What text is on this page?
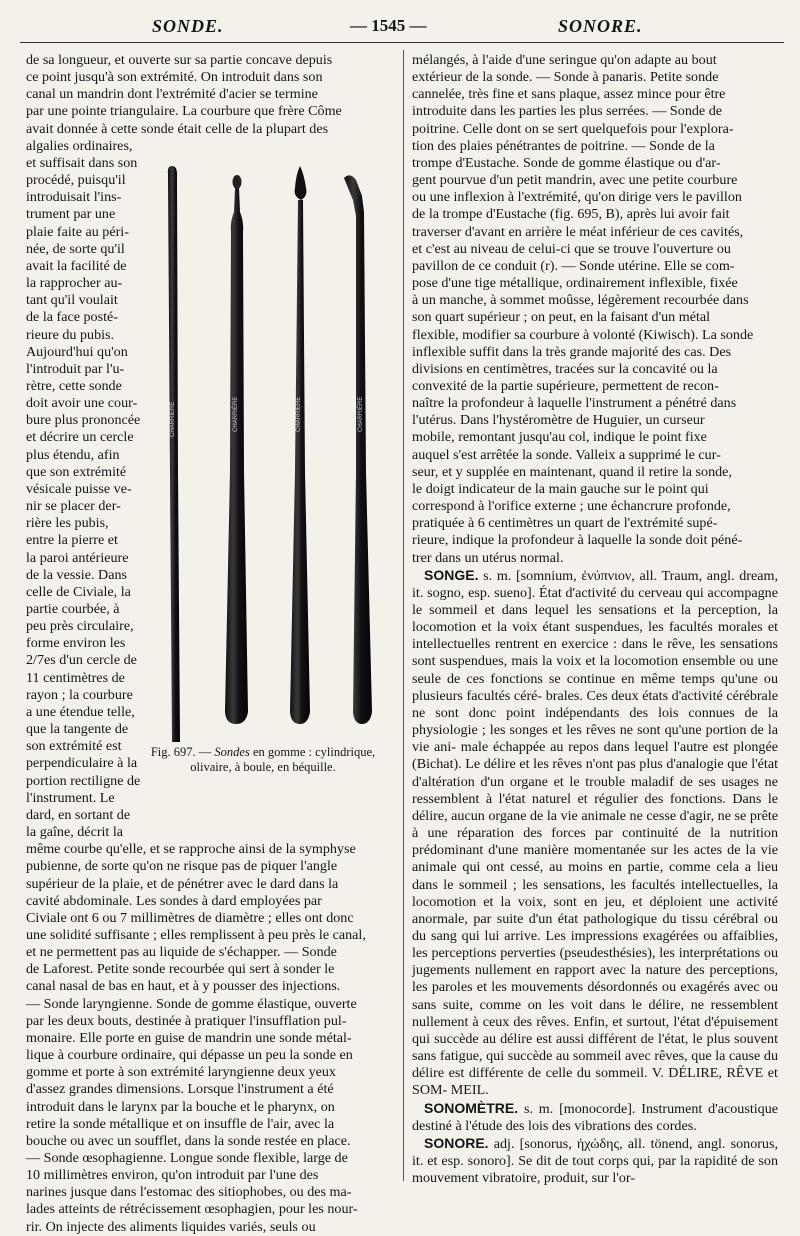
SONDE.	— 1545 —	SONORE.
de sa longueur, et ouverte sur sa partie concave depuis
ce point jusqu'à son extrémité. On introduit dans son
canal un mandrin dont l'extrémité d'acier se termine
par une pointe triangulaire. La courbure que frère Côme
avait donnée à cette sonde était celle de la plupart des
algalies ordinaires,
et suffisait dans son
procédé, puisqu'il
introduisait l'ins-
trument par une
plaie faite au péri-
née, de sorte qu'il
avait la facilité de
la rapprocher au-
tant qu'il voulait
de la face posté-
rieure du pubis.
Aujourd'hui qu'on
l'introduit par l'u-
rètre, cette sonde
doit avoir une cour-
bure plus prononcée
et décrire un cercle
plus étendu, afin
que son extrémité
vésicale puisse ve-
nir se placer der-
rière les pubis,
entre la pierre et
la paroi antérieure
de la vessie. Dans
celle de Civiale, la
partie courbée, à
peu près circulaire,
forme environ les
2/7es d'un cercle de
11 centimètres de
rayon ; la courbure
a une étendue telle,
que la tangente de
son extrémité est
perpendiculaire à la
portion rectiligne de
l'instrument. Le
dard, en sortant de
la gaîne, décrit la
même courbe qu'elle, et se rapproche ainsi de la symphyse
pubienne, de sorte qu'on ne risque pas de piquer l'angle
supérieur de la plaie, et de pénétrer avec le dard dans la
cavité abdominale. Les sondes à dard employées par
Civiale ont 6 ou 7 millimètres de diamètre ; elles ont donc
une solidité suffisante ; elles remplissent à peu près le canal,
et ne permettent pas au liquide de s'échapper. — Sonde
de Laforest. Petite sonde recourbée qui sert à sonder le
canal nasal de bas en haut, et à y pousser des injections.
— Sonde laryngienne. Sonde de gomme élastique, ouverte
par les deux bouts, destinée à pratiquer l'insufflation pul-
monaire. Elle porte en guise de mandrin une sonde métal-
lique à courbure ordinaire, qui dépasse un peu la sonde en
gomme et porte à son extrémité laryngienne deux yeux
d'assez grandes dimensions. Lorsque l'instrument a été
introduit dans le larynx par la bouche et le pharynx, on
retire la sonde métallique et on insuffle de l'air, avec la
bouche ou avec un soufflet, dans la sonde restée en place.
— Sonde œsophagienne. Longue sonde flexible, large de
10 millimètres environ, qu'on introduit par l'une des
narines jusque dans l'estomac des sitiophobes, ou des ma-
lades atteints de rétrécissement œsophagien, pour les nour-
rir. On injecte des aliments liquides variés, seuls ou
CHARRIÈRE	CHARRIÈRE	CHARRIÈRE	CHARRIÈRE
Fig. 697. — Sondes en gomme : cylindrique, olivaire, à boule, en béquille.
mélangés, à l'aide d'une seringue qu'on adapte au bout
extérieur de la sonde. — Sonde à panaris. Petite sonde
cannelée, très fine et sans plaque, assez mince pour être
introduite dans les parties les plus serrées. — Sonde de
poitrine. Celle dont on se sert quelquefois pour l'explora-
tion des plaies pénétrantes de poitrine. — Sonde de la
trompe d'Eustache. Sonde de gomme élastique ou d'ar-
gent pourvue d'un petit mandrin, avec une petite courbure
ou une inflexion à l'extrémité, qu'on dirige vers le pavillon
de la trompe d'Eustache (fig. 695, B), après lui avoir fait
traverser d'avant en arrière le méat inférieur de ces cavités,
et c'est au niveau de celui-ci que se trouve l'ouverture ou
pavillon de ce conduit (r). — Sonde utérine. Elle se com-
pose d'une tige métallique, ordinairement inflexible, fixée
à un manche, à sommet moûsse, légèrement recourbée dans
son quart supérieur ; on peut, en la faisant d'un métal
flexible, modifier sa courbure à volonté (Kiwisch). La sonde
inflexible suffit dans la très grande majorité des cas. Des
divisions en centimètres, tracées sur la concavité ou la
convexité de la partie supérieure, permettent de recon-
naître la profondeur à laquelle l'instrument a pénétré dans
l'utérus. Dans l'hystéromètre de Huguier, un curseur
mobile, remontant jusqu'au col, indique le point fixe
auquel s'est arrêtée la sonde. Valleix a supprimé le cur-
seur, et y supplée en maintenant, quand il retire la sonde,
le doigt indicateur de la main gauche sur le point qui
correspond à l'orifice externe ; une échancrure profonde,
pratiquée à 6 centimètres un quart de l'extrémité supé-
rieure, indique la profondeur à laquelle la sonde doit péné-
trer dans un utérus normal.

SONGE. s. m. [somnium, ἐνύπνιον, all. Traum, angl. dream, it. sogno, esp. sueno]. État d'activité du cerveau qui accompagne le sommeil et dans lequel les sensations et la perception, la locomotion et la voix étant suspendues, les facultés morales et intellectuelles rentrent en exercice : dans le rêve, les sensations sont suspendues, mais la voix et la locomotion ensemble ou une seule de ces fonctions se continue en même temps qu'une ou plusieurs facultés céré- brales. Ces deux états d'activité cérébrale ne sont donc point indépendants des lois connues de la physiologie ; les songes et les rêves ne sont qu'une portion de la vie ani- male échappée au repos dans lequel l'autre est plongée (Bichat). Le délire et les rêves n'ont pas plus d'analogie que l'état d'altération d'un organe et le trouble maladif de ses usages ne ressemblent à l'état naturel et régulier des fonctions. Dans le délire, aucun organe de la vie animale ne cesse d'agir, ne se prête à une réparation des forces par continuité de la nutrition prédominant d'une manière momentanée sur les actes de la vie animale qui ont cessé, au moins en partie, comme cela a lieu dans le sommeil ; les sensations, les facultés intellectuelles, la locomotion et la voix, sont en jeu, et déploient une activité anormale, par suite d'un état pathologique du tissu cérébral ou du sang qui lui arrive. Les impressions exagérées ou affaiblies, les perceptions perverties (pseudesthésies), les interprétations ou jugements nullement en rapport avec la nature des perceptions, les paroles et les mouvements désordonnés ou exagérés avec ou sans suite, comme on les voit dans le délire, ne ressemblent nullement à ceux des rêves. Enfin, et surtout, l'état d'épuisement qui succède au délire est aussi différent de l'état, le plus souvent sans fatigue, qui succède au sommeil avec rêves, que la cause du délire est différente de celle du sommeil. V. DÉLIRE, RÊVE et SOM- MEIL.

SONOMÈTRE. s. m. [monocorde]. Instrument d'acoustique destiné à l'étude des lois des vibrations des cordes.

SONORE. adj. [sonorus, ἠχώδης, all. tönend, angl. sonorus, it. et esp. sonoro]. Se dit de tout corps qui, par la rapidité de son mouvement vibratoire, produit, sur l'or-
